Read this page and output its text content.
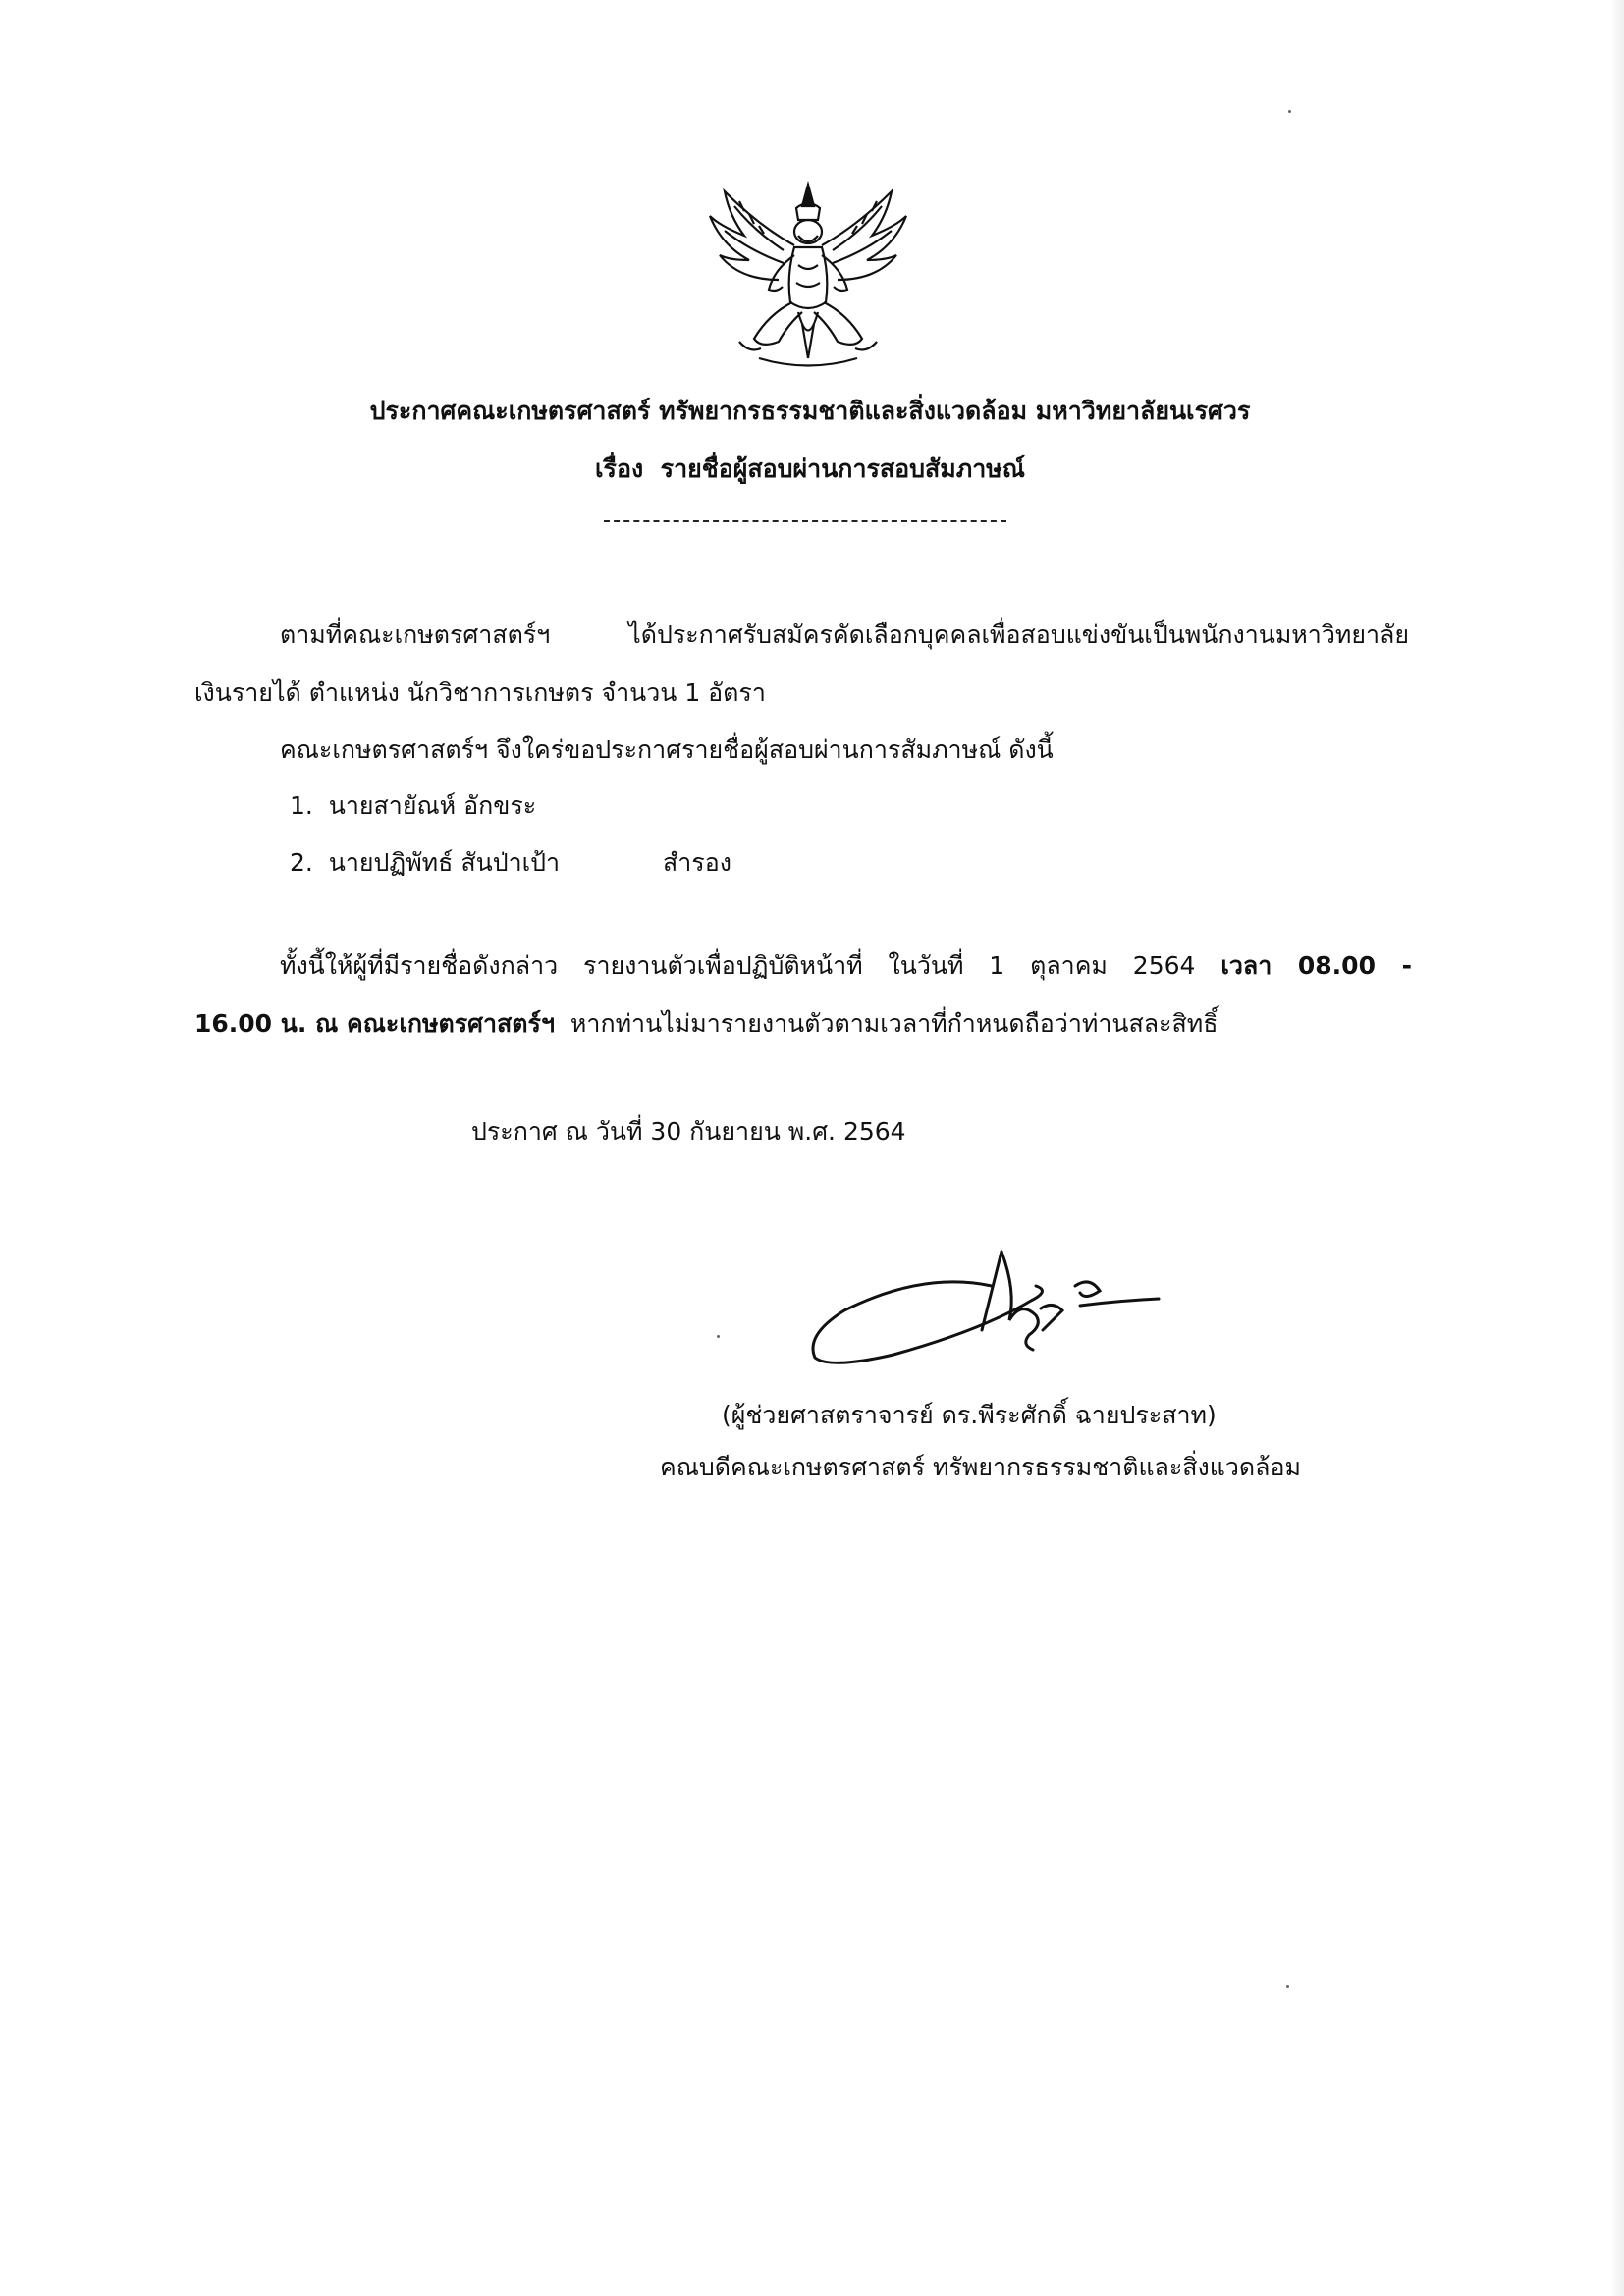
ประกาศคณะเกษตรศาสตร์ ทรัพยากรธรรมชาติและสิ่งแวดล้อม มหาวิทยาลัยนเรศวร
เรื่อง รายชื่อผู้สอบผ่านการสอบสัมภาษณ์
ตามที่คณะเกษตรศาสตร์ฯ ได้ประกาศรับสมัครคัดเลือกบุคคลเพื่อสอบแข่งขันเป็นพนักงานมหาวิทยาลัย
เงินรายได้ ตำแหน่ง นักวิชาการเกษตร จำนวน 1 อัตรา
คณะเกษตรศาสตร์ฯ จึงใคร่ขอประกาศรายชื่อผู้สอบผ่านการสัมภาษณ์ ดังนี้
1. นายสายัณห์ อักขระ
2. นายปฏิพัทธ์ สันป่าเป้า	สำรอง
ทั้งนี้ให้ผู้ที่มีรายชื่อดังกล่าว รายงานตัวเพื่อปฏิบัติหน้าที่ ในวันที่ 1 ตุลาคม 2564 เวลา 08.00 -
16.00 น. ณ คณะเกษตรศาสตร์ฯ หากท่านไม่มารายงานตัวตามเวลาที่กำหนดถือว่าท่านสละสิทธิ์
ประกาศ ณ วันที่ 30 กันยายน พ.ศ. 2564
(ผู้ช่วยศาสตราจารย์ ดร.พีระศักดิ์ ฉายประสาท)
คณบดีคณะเกษตรศาสตร์ ทรัพยากรธรรมชาติและสิ่งแวดล้อม
